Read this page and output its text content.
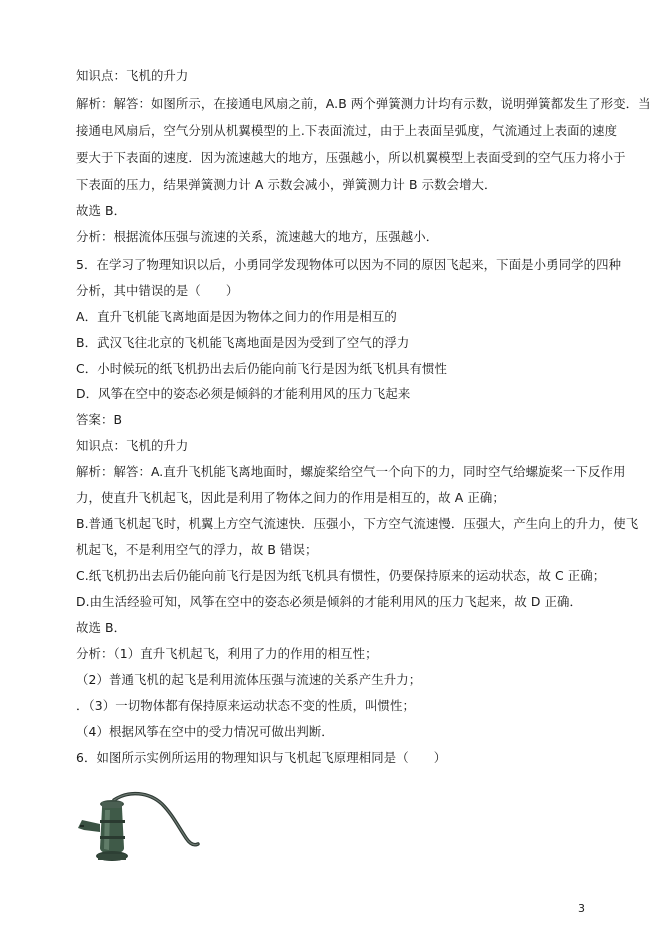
知识点：飞机的升力
解析：解答：如图所示，在接通电风扇之前，A.B 两个弹簧测力计均有示数，说明弹簧都发生了形变．当
接通电风扇后，空气分别从机翼模型的上.下表面流过，由于上表面呈弧度，气流通过上表面的速度
要大于下表面的速度．因为流速越大的地方，压强越小，所以机翼模型上表面受到的空气压力将小于
下表面的压力，结果弹簧测力计 A 示数会减小，弹簧测力计 B 示数会增大．
故选 B．
分析：根据流体压强与流速的关系，流速越大的地方，压强越小．
5．在学习了物理知识以后，小勇同学发现物体可以因为不同的原因飞起来，下面是小勇同学的四种
分析，其中错误的是（　　）
A．直升飞机能飞离地面是因为物体之间力的作用是相互的
B．武汉飞往北京的飞机能飞离地面是因为受到了空气的浮力
C．小时候玩的纸飞机扔出去后仍能向前飞行是因为纸飞机具有惯性
D．风筝在空中的姿态必须是倾斜的才能利用风的压力飞起来
答案：B
知识点：飞机的升力
解析：解答：A.直升飞机能飞离地面时，螺旋桨给空气一个向下的力，同时空气给螺旋桨一下反作用
力，使直升飞机起飞，因此是利用了物体之间力的作用是相互的，故 A 正确；
B.普通飞机起飞时，机翼上方空气流速快．压强小，下方空气流速慢．压强大，产生向上的升力，使飞
机起飞，不是利用空气的浮力，故 B 错误；
C.纸飞机扔出去后仍能向前飞行是因为纸飞机具有惯性，仍要保持原来的运动状态，故 C 正确；
D.由生活经验可知，风筝在空中的姿态必须是倾斜的才能利用风的压力飞起来，故 D 正确．
故选 B．
分析：（1）直升飞机起飞，利用了力的作用的相互性；
（2）普通飞机的起飞是利用流体压强与流速的关系产生升力；
．（3）一切物体都有保持原来运动状态不变的性质，叫惯性；
（4）根据风筝在空中的受力情况可做出判断．
6．如图所示实例所运用的物理知识与飞机起飞原理相同是（　　）
3
